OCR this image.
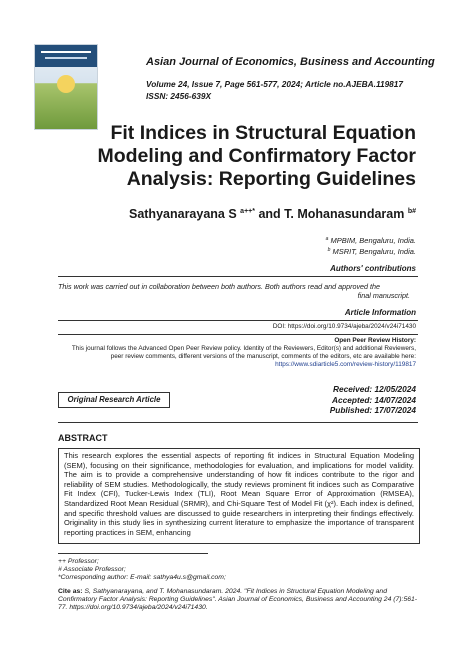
Asian Journal of Economics, Business and Accounting
Volume 24, Issue 7, Page 561-577, 2024; Article no.AJEBA.119817
ISSN: 2456-639X
Fit Indices in Structural Equation
Modeling and Confirmatory Factor
Analysis: Reporting Guidelines
Sathyanarayana S $^{a++*}$ and T. Mohanasundaram $^{b\#}$
$^a$ MPBIM, Bengaluru, India.
$^b$ MSRIT, Bengaluru, India.
Authors' contributions
This work was carried out in collaboration between both authors. Both authors read and approved the
final manuscript.
Article Information
DOI: https://doi.org/10.9734/ajeba/2024/v24i71430
Open Peer Review History:
This journal follows the Advanced Open Peer Review policy. Identity of the Reviewers, Editor(s) and additional Reviewers,
peer review comments, different versions of the manuscript, comments of the editors, etc are available here:
https://www.sdiarticle5.com/review-history/119817
Original Research Article
Received: 12/05/2024
Accepted: 14/07/2024
Published: 17/07/2024
ABSTRACT

This research explores the essential aspects of reporting fit indices in Structural Equation Modeling (SEM), focusing on their significance, methodologies for evaluation, and implications for model validity. The aim is to provide a comprehensive understanding of how fit indices contribute to the rigor and reliability of SEM studies. Methodologically, the study reviews prominent fit indices such as Comparative Fit Index (CFI), Tucker-Lewis Index (TLI), Root Mean Square Error of Approximation (RMSEA), Standardized Root Mean Residual (SRMR), and Chi-Square Test of Model Fit (χ²). Each index is defined, and specific threshold values are discussed to guide researchers in interpreting their findings effectively. Originality in this study lies in synthesizing current literature to emphasize the importance of transparent reporting practices in SEM, enhancing

++ Professor;
# Associate Professor;
*Corresponding author: E-mail: sathya4u.s@gmail.com;
Cite as: S, Sathyanarayana, and T. Mohanasundaram. 2024. "Fit Indices in Structural Equation Modeling and Confirmatory Factor Analysis: Reporting Guidelines". Asian Journal of Economics, Business and Accounting 24 (7):561-77. https://doi.org/10.9734/ajeba/2024/v24i71430.
